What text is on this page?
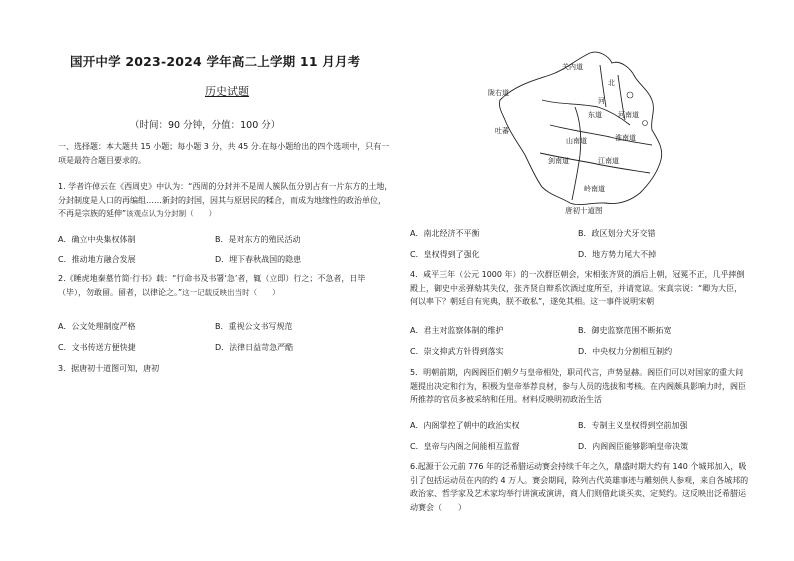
国开中学 2023-2024 学年高二上学期 11 月月考
历史试题
（时间：90 分钟，分值：100 分）
一、选择题：本大题共 15 小题；每小题 3 分，共 45 分.在每小题给出的四个选项中，只有一项是最符合题目要求的。
1. 学者许倬云在《西周史》中认为：“西周的分封并不是周人簇队伍分别占有一片东方的土地，分封制度是人口的再编组……新封的封国，因其与原居民的糅合，而成为地缘性的政治单位，不再是宗族的延伸”该观点认为分封制（　　）
A．确立中央集权体制	B．是对东方的殖民活动
C．推动地方融合发展	D．埋下春秋战国的隐患
2.《睡虎地秦墓竹简·行书》载：“行命书及书署‘急’者，辄（立即）行之；不急者，日毕（毕），勿敢留。留者，以律论之。”这一记载反映出当时（　　）
A．公文处理制度严格	B．重视公文书写规范
C．文书传送方便快捷	D．法律日益苛急严酷
3．据唐初十道图可知，唐初
关内道
陇右道
吐蕃
北
河
东道 河南道
山南道	淮南道
剑南道	江南道
岭南道
唐初十道图
A．南北经济不平衡	B．政区划分犬牙交错
C．皇权得到了强化	D．地方势力尾大不掉
4．咸平三年（公元 1000 年）的一次群臣朝会，宋相张齐贤的酒后上朝，冠冕不正，几乎摔倒殿上，御史中丞弹劾其失仪，张齐贤自辩系饮酒过度所至，并请宽谅。宋真宗说：“卿为大臣，何以率下？朝廷自有宪典，朕不敢私”，遂免其相。这一事件说明宋朝
A．君主对监察体制的维护	B．御史监察范围不断拓宽
C．崇文抑武方针得到落实	D．中央权力分割相互制约
5．明朝前期，内阁阁臣们朝夕与皇帝相处，职司代言，声势显赫。阁臣们可以对国家的重大问题提出决定和行为，积极为皇帝举荐良材，参与人员的选拔和考核。在内阁颇具影响力时，阁臣所推荐的官员多被采纳和任用。材料反映明初政治生活
A．内阁掌控了朝中的政治实权	B．专制主义皇权得到空前加强
C．皇帝与内阁之间能相互监督	D．内阁阁臣能够影响皇帝决策
6.起源于公元前 776 年的泛希腊运动赛会持续千年之久，鼎盛时期大约有 140 个城邦加入，吸引了包括运动员在内的约 4 万人。赛会期间，除列古代英雄事迹与雕刻供人参观，来自各城邦的政治家、哲学家及艺术家均举行讲演或演讲，商人们则借此谈买卖、定契约。这反映出泛希腊运动赛会（　　）
